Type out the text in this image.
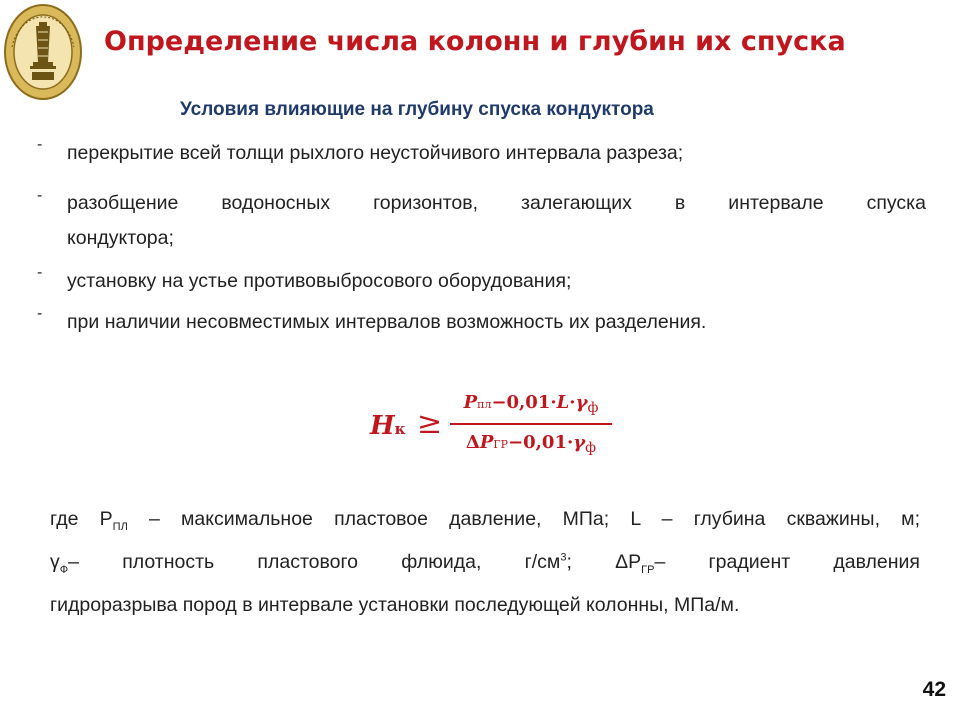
Определение числа колонн и глубин их спуска
Условия влияющие на глубину спуска кондуктора
- перекрытие всей толщи рыхлого неустойчивого интервала разреза;
- разобщение водоносных горизонтов, залегающих в интервале спуска
кондуктора;
- установку на устье противовыбросового оборудования;
- при наличии несовместимых интервалов возможность их разделения.
Hк ≥
$Pпл-0,01\cdot L\cdot\gamma_ф$
$\Delta PГР-0,01\cdot\gamma_ф$
где $Р_{ПЛ}$ – максимальное пластовое давление, МПа; L – глубина скважины, м;
$\gamma_Ф-$ плотность пластового флюида, $г/см^3$; $\Delta Р_{ГР}-$ градиент давления
гидроразрыва пород в интервале установки последующей колонны, МПа/м.
42
